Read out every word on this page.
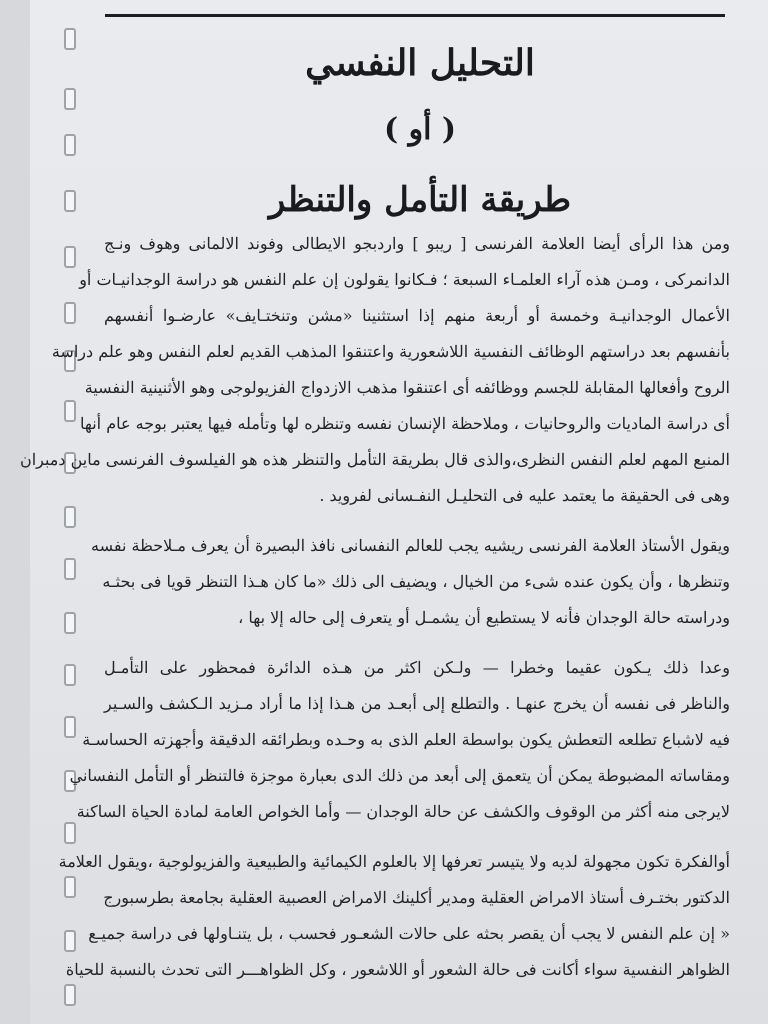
التحليل النفسي
( أو )
طريقة التأمل والتنظر
ومن هذا الرأى أيضا العلامة الفرنسى [ ريبو ] واردبجو الايطالى وفوند الالمانى وهوف ونـج
الدانمركى ، ومـن هذه آراء العلمـاء السبعة ؛ فـكانوا يقولون إن علم النفس هو دراسة الوجدانيـات أو
الأعمال الوجدانيـة وخمسة أو أربعة منهم إذا استثنينا «مشن وتنختـايف» عارضـوا أنفسهم
بأنفسهم بعد دراستهم الوظائف النفسية اللاشعورية واعتنقوا المذهب القديم لعلم النفس وهو علم دراسة
الروح وأفعالها المقابلة للجسم ووظائفه أى اعتنقوا مذهب الازدواج الفزيولوجى وهو الأثنينية النفسية
أى دراسة الماديات والروحانيات ، وملاحظة الإنسان نفسه وتنظره لها وتأمله فيها يعتبر بوجه عام أنها
المنبع المهم لعلم النفس النظرى،والذى قال بطريقة التأمل والتنظر هذه هو الفيلسوف الفرنسى ماين دمبران
وهى فى الحقيقة ما يعتمد عليه فى التحليـل النفـسانى لفرويد .
ويقول الأستاذ العلامة الفرنسى ريشيه يجب للعالم النفسانى نافذ البصيرة أن يعرف مـلاحظة نفسه
وتنظرها ، وأن يكون عنده شىء من الخيال ، ويضيف الى ذلك «ما كان هـذا التنظر قويا فى بحثـه
ودراسته حالة الوجدان فأنه لا يستطيع أن يشمـل أو يتعرف إلى حاله إلا بها ،
وعدا ذلك يـكون عقيما وخطرا — ولـكن اكثر من هـذه الدائرة فمحظور على التأمـل
والناظر فى نفسه أن يخرج عنهـا . والتطلع إلى أبعـد من هـذا إذا ما أراد مـزيد الـكشف والسـير
فيه لاشباع تطلعه التعطش يكون بواسطة العلم الذى به وحـده وبطرائقه الدقيقة وأجهزته الحساسـة
ومقاساته المضبوطة يمكن أن يتعمق إلى أبعد من ذلك الدى بعبارة موجزة فالتنظر أو التأمل النفساني
لايرجى منه أكثر من الوقوف والكشف عن حالة الوجدان — وأما الخواص العامة لمادة الحياة الساكنة
أوالفكرة تكون مجهولة لديه ولا يتيسر تعرفها إلا بالعلوم الكيمائية والطبيعية والفزيولوجية ،ويقول العلامة
الدكتور بختـرف أستاذ الامراض العقلية ومدير أكلينك الامراض العصبية العقلية بجامعة بطرسبورج
« إن علم النفس لا يجب أن يقصر بحثه على حالات الشعـور فحسب ، بل يتنـاولها فى دراسة جميـع
الظواهر النفسية سواء أكانت فى حالة الشعور أو اللاشعور ، وكل الظواهـــر التى تحدث بالنسبة للحياة
